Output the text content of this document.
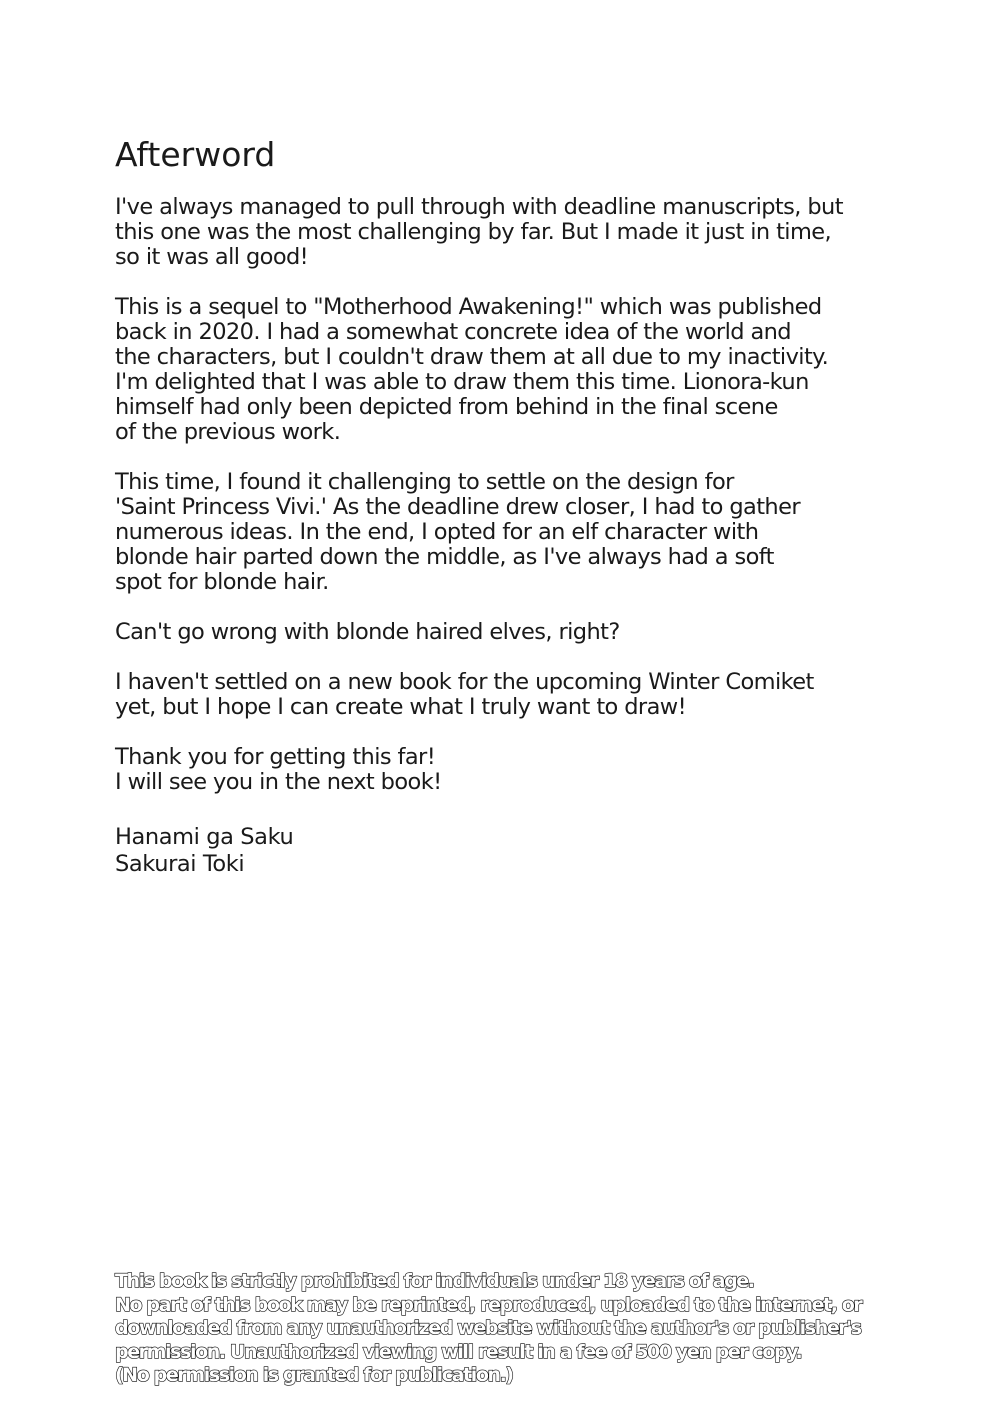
Afterword

I've always managed to pull through with deadline manuscripts, but
this one was the most challenging by far. But I made it just in time,
so it was all good!

This is a sequel to "Motherhood Awakening!" which was published
back in 2020. I had a somewhat concrete idea of the world and
the characters, but I couldn't draw them at all due to my inactivity.
I'm delighted that I was able to draw them this time. Lionora-kun
himself had only been depicted from behind in the final scene
of the previous work.

This time, I found it challenging to settle on the design for
'Saint Princess Vivi.' As the deadline drew closer, I had to gather
numerous ideas. In the end, I opted for an elf character with
blonde hair parted down the middle, as I've always had a soft
spot for blonde hair.

Can't go wrong with blonde haired elves, right?

I haven't settled on a new book for the upcoming Winter Comiket
yet, but I hope I can create what I truly want to draw!

Thank you for getting this far!
I will see you in the next book!

Hanami ga Saku
Sakurai Toki
This book is strictly prohibited for individuals under 18 years of age.
No part of this book may be reprinted, reproduced, uploaded to the internet, or
downloaded from any unauthorized website without the author's or publisher's
permission. Unauthorized viewing will result in a fee of 500 yen per copy.
(No permission is granted for publication.)
